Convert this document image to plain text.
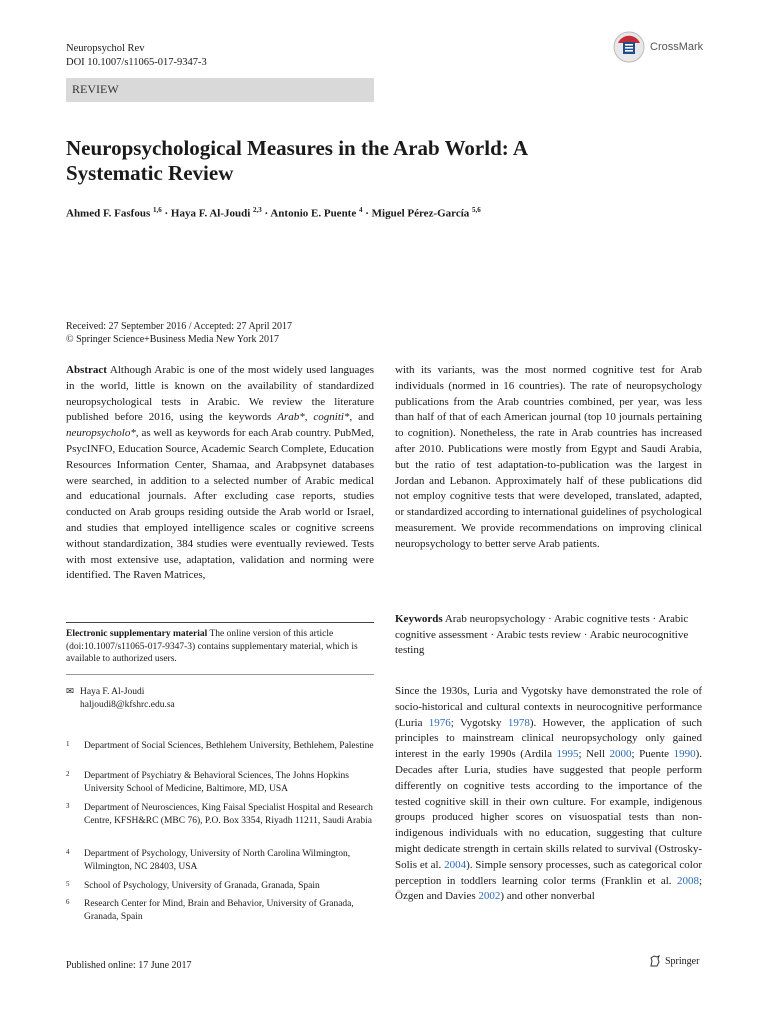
Neuropsychol Rev
DOI 10.1007/s11065-017-9347-3
CrossMark
REVIEW
Neuropsychological Measures in the Arab World: A Systematic Review
Ahmed F. Fasfous $^{1,6}$ · Haya F. Al-Joudi $^{2,3}$ · Antonio E. Puente $^4$ · Miguel Pérez-García $^{5,6}$
Received: 27 September 2016 / Accepted: 27 April 2017
© Springer Science+Business Media New York 2017

Abstract Although Arabic is one of the most widely used languages in the world, little is known on the availability of standardized neuropsychological tests in Arabic. We review the literature published before 2016, using the keywords Arab*, cogniti*, and neuropsycholo*, as well as keywords for each Arab country. PubMed, PsycINFO, Education Source, Academic Search Complete, Education Resources Information Center, Shamaa, and Arabpsynet databases were searched, in addition to a selected number of Arabic medical and educational journals. After excluding case reports, studies conducted on Arab groups residing outside the Arab world or Israel, and studies that employed intelligence scales or cognitive screens without standardization, 384 studies were eventually reviewed. Tests with most extensive use, adaptation, validation and norming were identified. The Raven Matrices,

with its variants, was the most normed cognitive test for Arab individuals (normed in 16 countries). The rate of neuropsychology publications from the Arab countries combined, per year, was less than half of that of each American journal (top 10 journals pertaining to cognition). Nonetheless, the rate in Arab countries has increased after 2010. Publications were mostly from Egypt and Saudi Arabia, but the ratio of test adaptation-to-publication was the largest in Jordan and Lebanon. Approximately half of these publications did not employ cognitive tests that were developed, translated, adapted, or standardized according to international guidelines of psychological measurement. We provide recommendations on improving clinical neuropsychology to better serve Arab patients.
Keywords Arab neuropsychology · Arabic cognitive tests · Arabic cognitive assessment · Arabic tests review · Arabic neurocognitive testing
Electronic supplementary material The online version of this article (doi:10.1007/s11065-017-9347-3) contains supplementary material, which is available to authorized users.
✉ Haya F. Al-Joudi
haljoudi8@kfshrc.edu.sa
1 Department of Social Sciences, Bethlehem University, Bethlehem, Palestine
2 Department of Psychiatry & Behavioral Sciences, The Johns Hopkins University School of Medicine, Baltimore, MD, USA
3 Department of Neurosciences, King Faisal Specialist Hospital and Research Centre, KFSH&RC (MBC 76), P.O. Box 3354, Riyadh 11211, Saudi Arabia
4 Department of Psychology, University of North Carolina Wilmington, Wilmington, NC 28403, USA
5 School of Psychology, University of Granada, Granada, Spain
6 Research Center for Mind, Brain and Behavior, University of Granada, Granada, Spain

Since the 1930s, Luria and Vygotsky have demonstrated the role of socio-historical and cultural contexts in neurocognitive performance (Luria 1976; Vygotsky 1978). However, the application of such principles to mainstream clinical neuropsychology only gained interest in the early 1990s (Ardila 1995; Nell 2000; Puente 1990). Decades after Luria, studies have suggested that people perform differently on cognitive tests according to the importance of the tested cognitive skill in their own culture. For example, indigenous groups produced higher scores on visuospatial tests than non-indigenous individuals with no education, suggesting that culture might dedicate strength in certain skills related to survival (Ostrosky-Solis et al. 2004). Simple sensory processes, such as categorical color perception in toddlers learning color terms (Franklin et al. 2008; Özgen and Davies 2002) and other nonverbal

Published online: 17 June 2017	Springer
